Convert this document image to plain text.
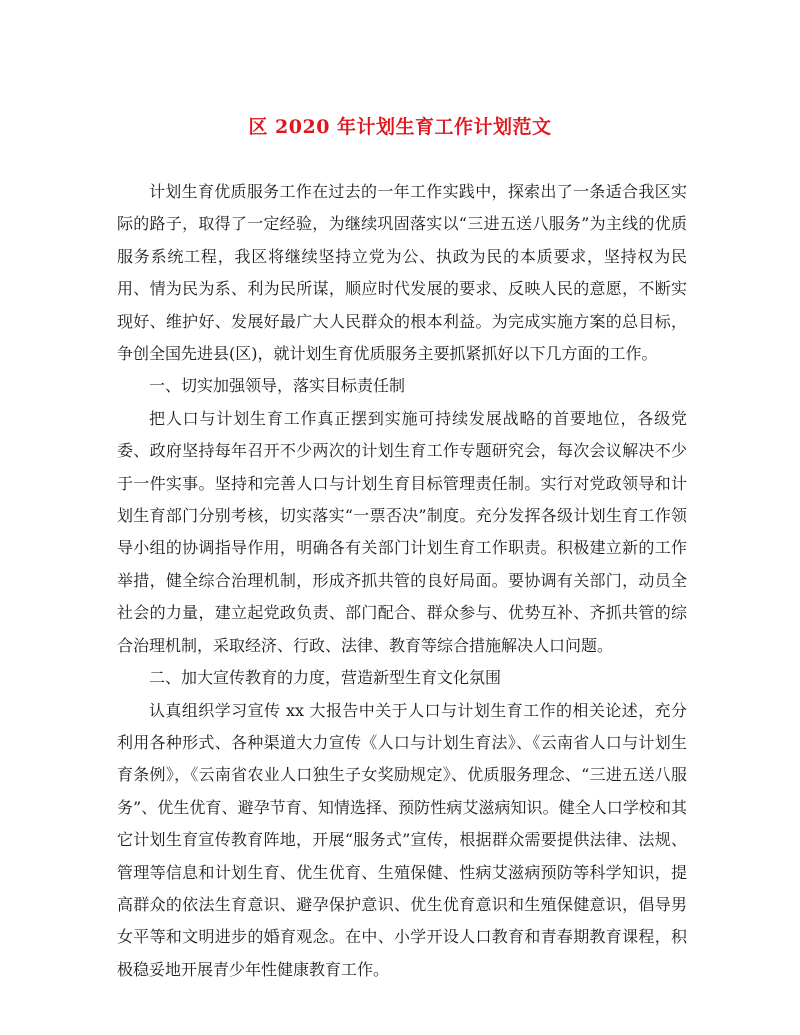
区 2020 年计划生育工作计划范文

计划生育优质服务工作在过去的一年工作实践中，探索出了一条适合我区实际的路子，取得了一定经验，为继续巩固落实以“三进五送八服务”为主线的优质服务系统工程，我区将继续坚持立党为公、执政为民的本质要求，坚持权为民用、情为民为系、利为民所谋，顺应时代发展的要求、反映人民的意愿，不断实现好、维护好、发展好最广大人民群众的根本利益。为完成实施方案的总目标，争创全国先进县(区)，就计划生育优质服务主要抓紧抓好以下几方面的工作。

一、切实加强领导，落实目标责任制

把人口与计划生育工作真正摆到实施可持续发展战略的首要地位，各级党委、政府坚持每年召开不少两次的计划生育工作专题研究会，每次会议解决不少于一件实事。坚持和完善人口与计划生育目标管理责任制。实行对党政领导和计划生育部门分别考核，切实落实“一票否决”制度。充分发挥各级计划生育工作领导小组的协调指导作用，明确各有关部门计划生育工作职责。积极建立新的工作举措，健全综合治理机制，形成齐抓共管的良好局面。要协调有关部门，动员全社会的力量，建立起党政负责、部门配合、群众参与、优势互补、齐抓共管的综合治理机制，采取经济、行政、法律、教育等综合措施解决人口问题。

二、加大宣传教育的力度，营造新型生育文化氛围

认真组织学习宣传 xx 大报告中关于人口与计划生育工作的相关论述，充分利用各种形式、各种渠道大力宣传《人口与计划生育法》、《云南省人口与计划生育条例》，《云南省农业人口独生子女奖励规定》、优质服务理念、“三进五送八服务”、优生优育、避孕节育、知情选择、预防性病艾滋病知识。健全人口学校和其它计划生育宣传教育阵地，开展“服务式”宣传，根据群众需要提供法律、法规、管理等信息和计划生育、优生优育、生殖保健、性病艾滋病预防等科学知识，提高群众的依法生育意识、避孕保护意识、优生优育意识和生殖保健意识，倡导男女平等和文明进步的婚育观念。在中、小学开设人口教育和青春期教育课程，积极稳妥地开展青少年性健康教育工作。
